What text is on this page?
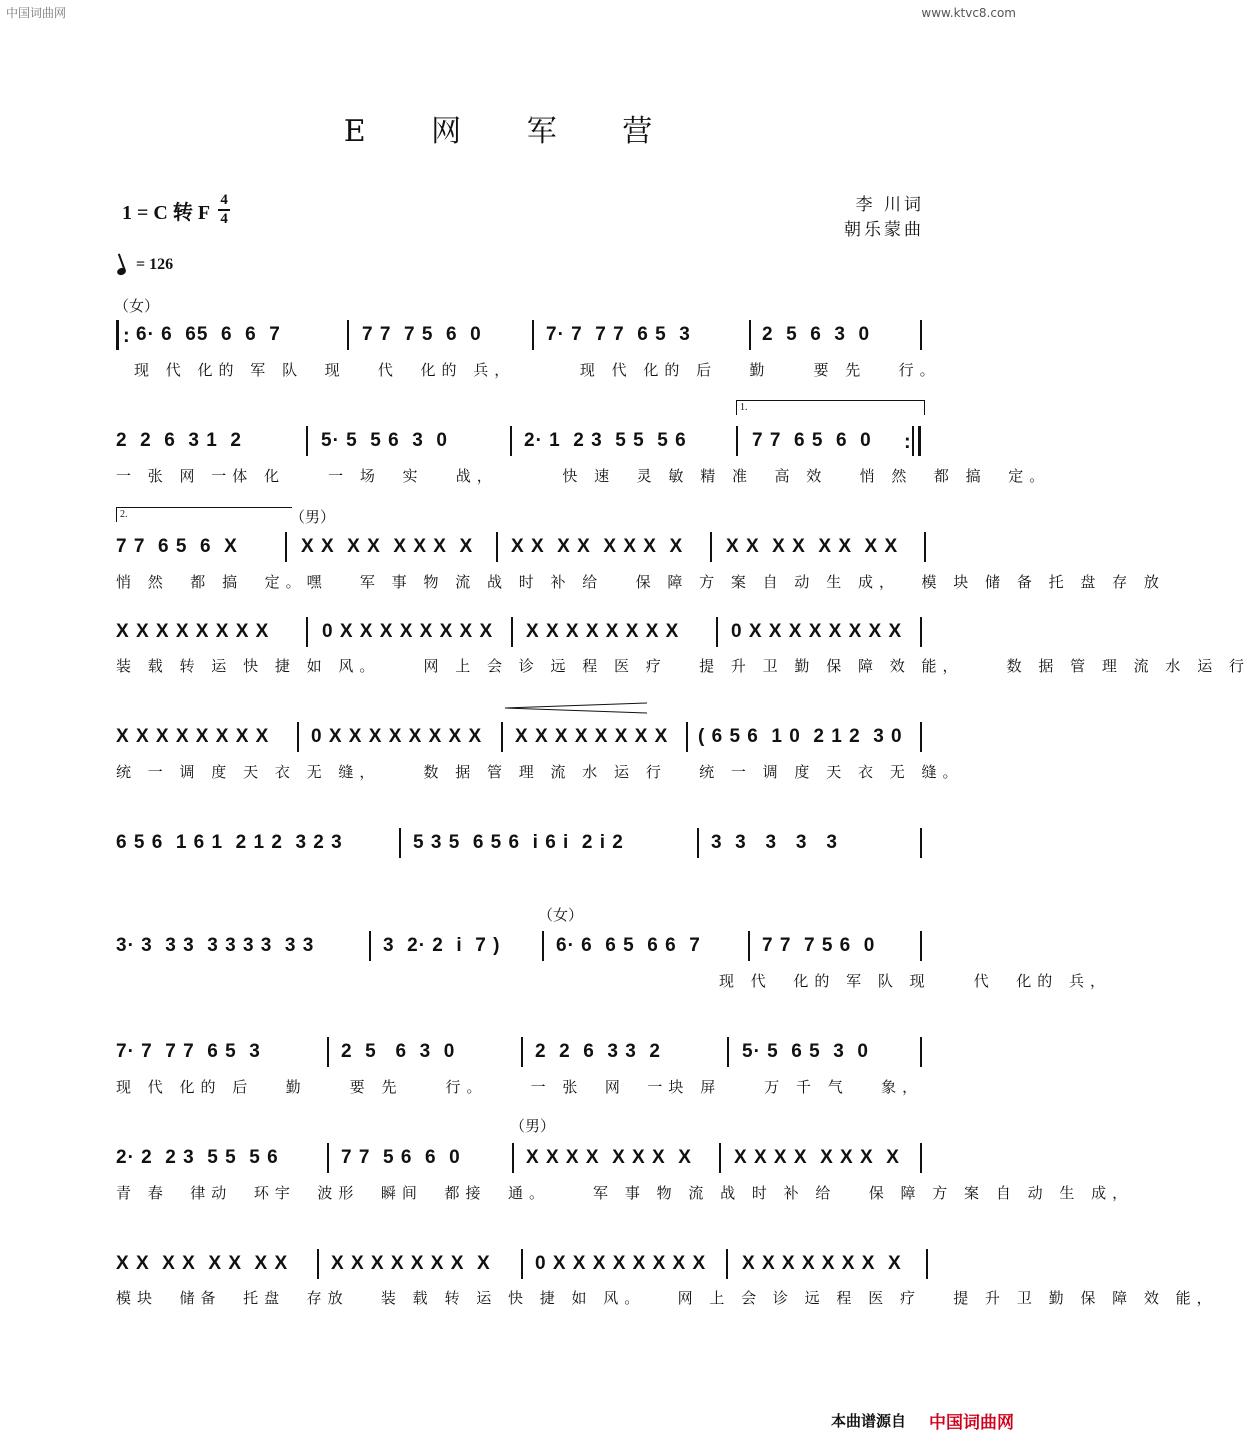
中国词曲网	www.ktvc8.com
E 网 军 营
1 = C 转 F $\frac{4}{4}$	李 川词
朝乐蒙曲
= 126
（女）
（男）
（女）
（男）
1.
2.
: 6· 6  65  6  6  7	7 7  7 5  6  0	7· 7  7 7  6 5  3	2  5  6  3  0
现 代 化的 军 队  现   代  化的 兵，      现 代 化的 后   勤    要 先   行。
2  2  6  3 1  2	5· 5  5 6  3  0	2· 1  2 3  5 5  5 6	7 7  6 5  6  0 :
一 张 网 一体 化    一 场  实   战，      快 速  灵 敏 精 准  高 效   悄 然  都 搞  定。
7 7  6 5  6  X	X X  X X  X X X  X X X  X X  X X X  X X X  X X  X X  X X
悄 然  都 搞  定。嘿   军 事 物 流 战 时 补 给   保 障 方 案 自 动 生 成，  模 块 储 备 托 盘 存 放
X X X X X X X X	0 X X X X X X X X X X X X X X X X	0 X X X X X X X X
装 载 转 运 快 捷 如 风。    网 上 会 诊 远 程 医 疗   提 升 卫 勤 保 障 效 能，    数 据 管 理 流 水 运 行
X X X X X X X X 0 X X X X X X X X X X X X X X X X ( 6 5 6  1 0  2 1 2  3 0
统 一 调 度 天 衣 无 缝，    数 据 管 理 流 水 运 行   统 一 调 度 天 衣 无 缝。
6 5 6  1 6 1  2 1 2  3 2 3	5 3 5  6 5 6  i 6 i  2 i 2	3  3   3   3   3
3· 3  3 3  3 3 3 3  3 3	3  2· 2  i  7 )	6· 6  6 5  6 6  7	7 7  7 5 6  0
现 代  化的 军 队 现    代  化的 兵，
7· 7  7 7  6 5  3	2  5   6  3  0	2  2  6  3 3  2	5· 5  6 5  3  0
现 代 化的 后   勤    要 先    行。    一 张  网  一块 屏    万 千 气   象，
2· 2  2 3  5 5  5 6	7 7  5 6  6  0	X X X X  X X X  X X X X X  X X X  X
青 春  律动  环宇  波形  瞬间  都接  通。    军 事 物 流 战 时 补 给   保 障 方 案 自 动 生 成，
X X  X X  X X  X X X X X X X X X  X 0 X X X X X X X X X X X X X X X  X
模块  储备  托盘  存放   装 载 转 运 快 捷 如 风。   网 上 会 诊 远 程 医 疗   提 升 卫 勤 保 障 效 能，
本曲谱源自 中国词曲网
